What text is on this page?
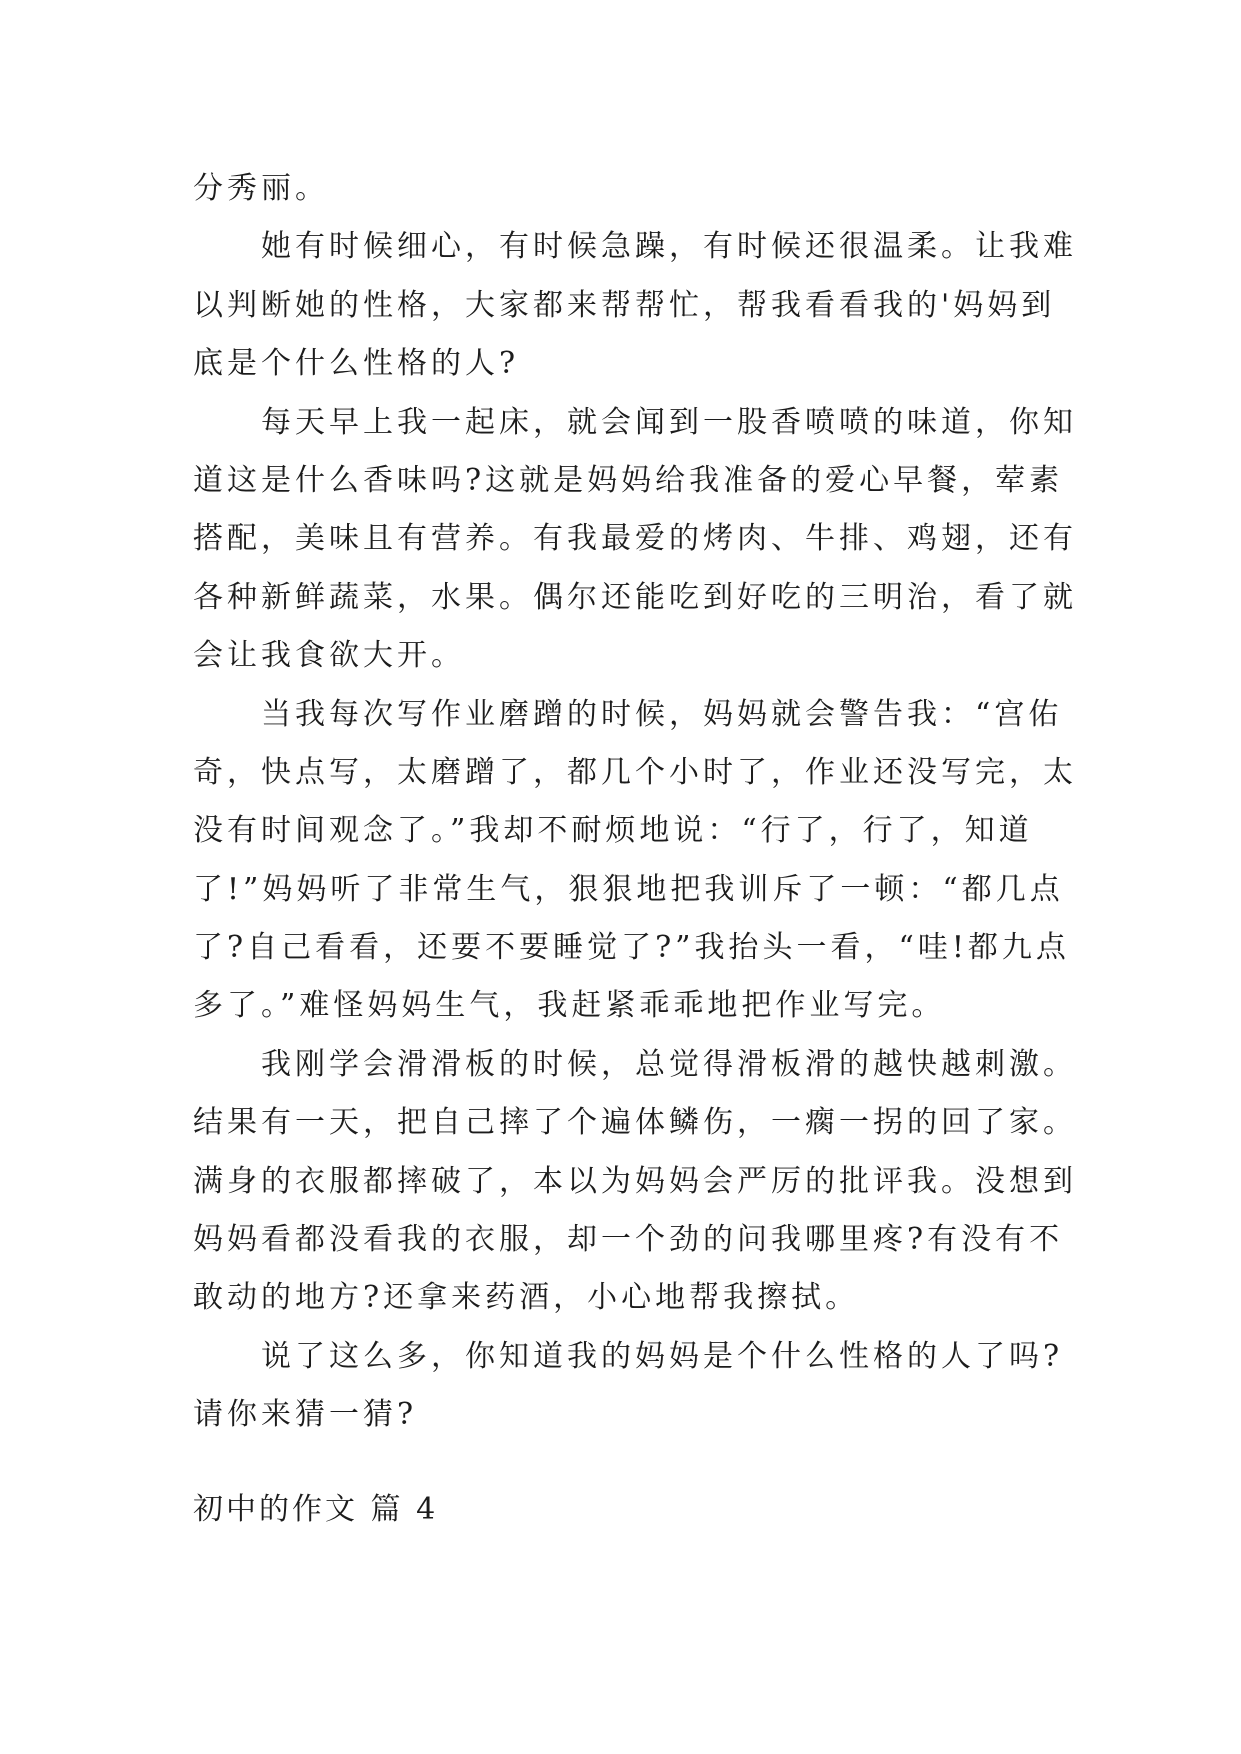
分秀丽。
她有时候细心，有时候急躁，有时候还很温柔。让我难
以判断她的性格，大家都来帮帮忙，帮我看看我的'妈妈到
底是个什么性格的人?
每天早上我一起床，就会闻到一股香喷喷的味道，你知
道这是什么香味吗?这就是妈妈给我准备的爱心早餐，荤素
搭配，美味且有营养。有我最爱的烤肉、牛排、鸡翅，还有
各种新鲜蔬菜，水果。偶尔还能吃到好吃的三明治，看了就
会让我食欲大开。
当我每次写作业磨蹭的时候，妈妈就会警告我：“宫佑
奇，快点写，太磨蹭了，都几个小时了，作业还没写完，太
没有时间观念了。”我却不耐烦地说：“行了，行了，知道
了!”妈妈听了非常生气，狠狠地把我训斥了一顿：“都几点
了?自己看看，还要不要睡觉了?”我抬头一看，“哇!都九点
多了。”难怪妈妈生气，我赶紧乖乖地把作业写完。
我刚学会滑滑板的时候，总觉得滑板滑的越快越刺激。
结果有一天，把自己摔了个遍体鳞伤，一瘸一拐的回了家。
满身的衣服都摔破了，本以为妈妈会严厉的批评我。没想到
妈妈看都没看我的衣服，却一个劲的问我哪里疼?有没有不
敢动的地方?还拿来药酒，小心地帮我擦拭。
说了这么多，你知道我的妈妈是个什么性格的人了吗?
请你来猜一猜?
初中的作文 篇 4
